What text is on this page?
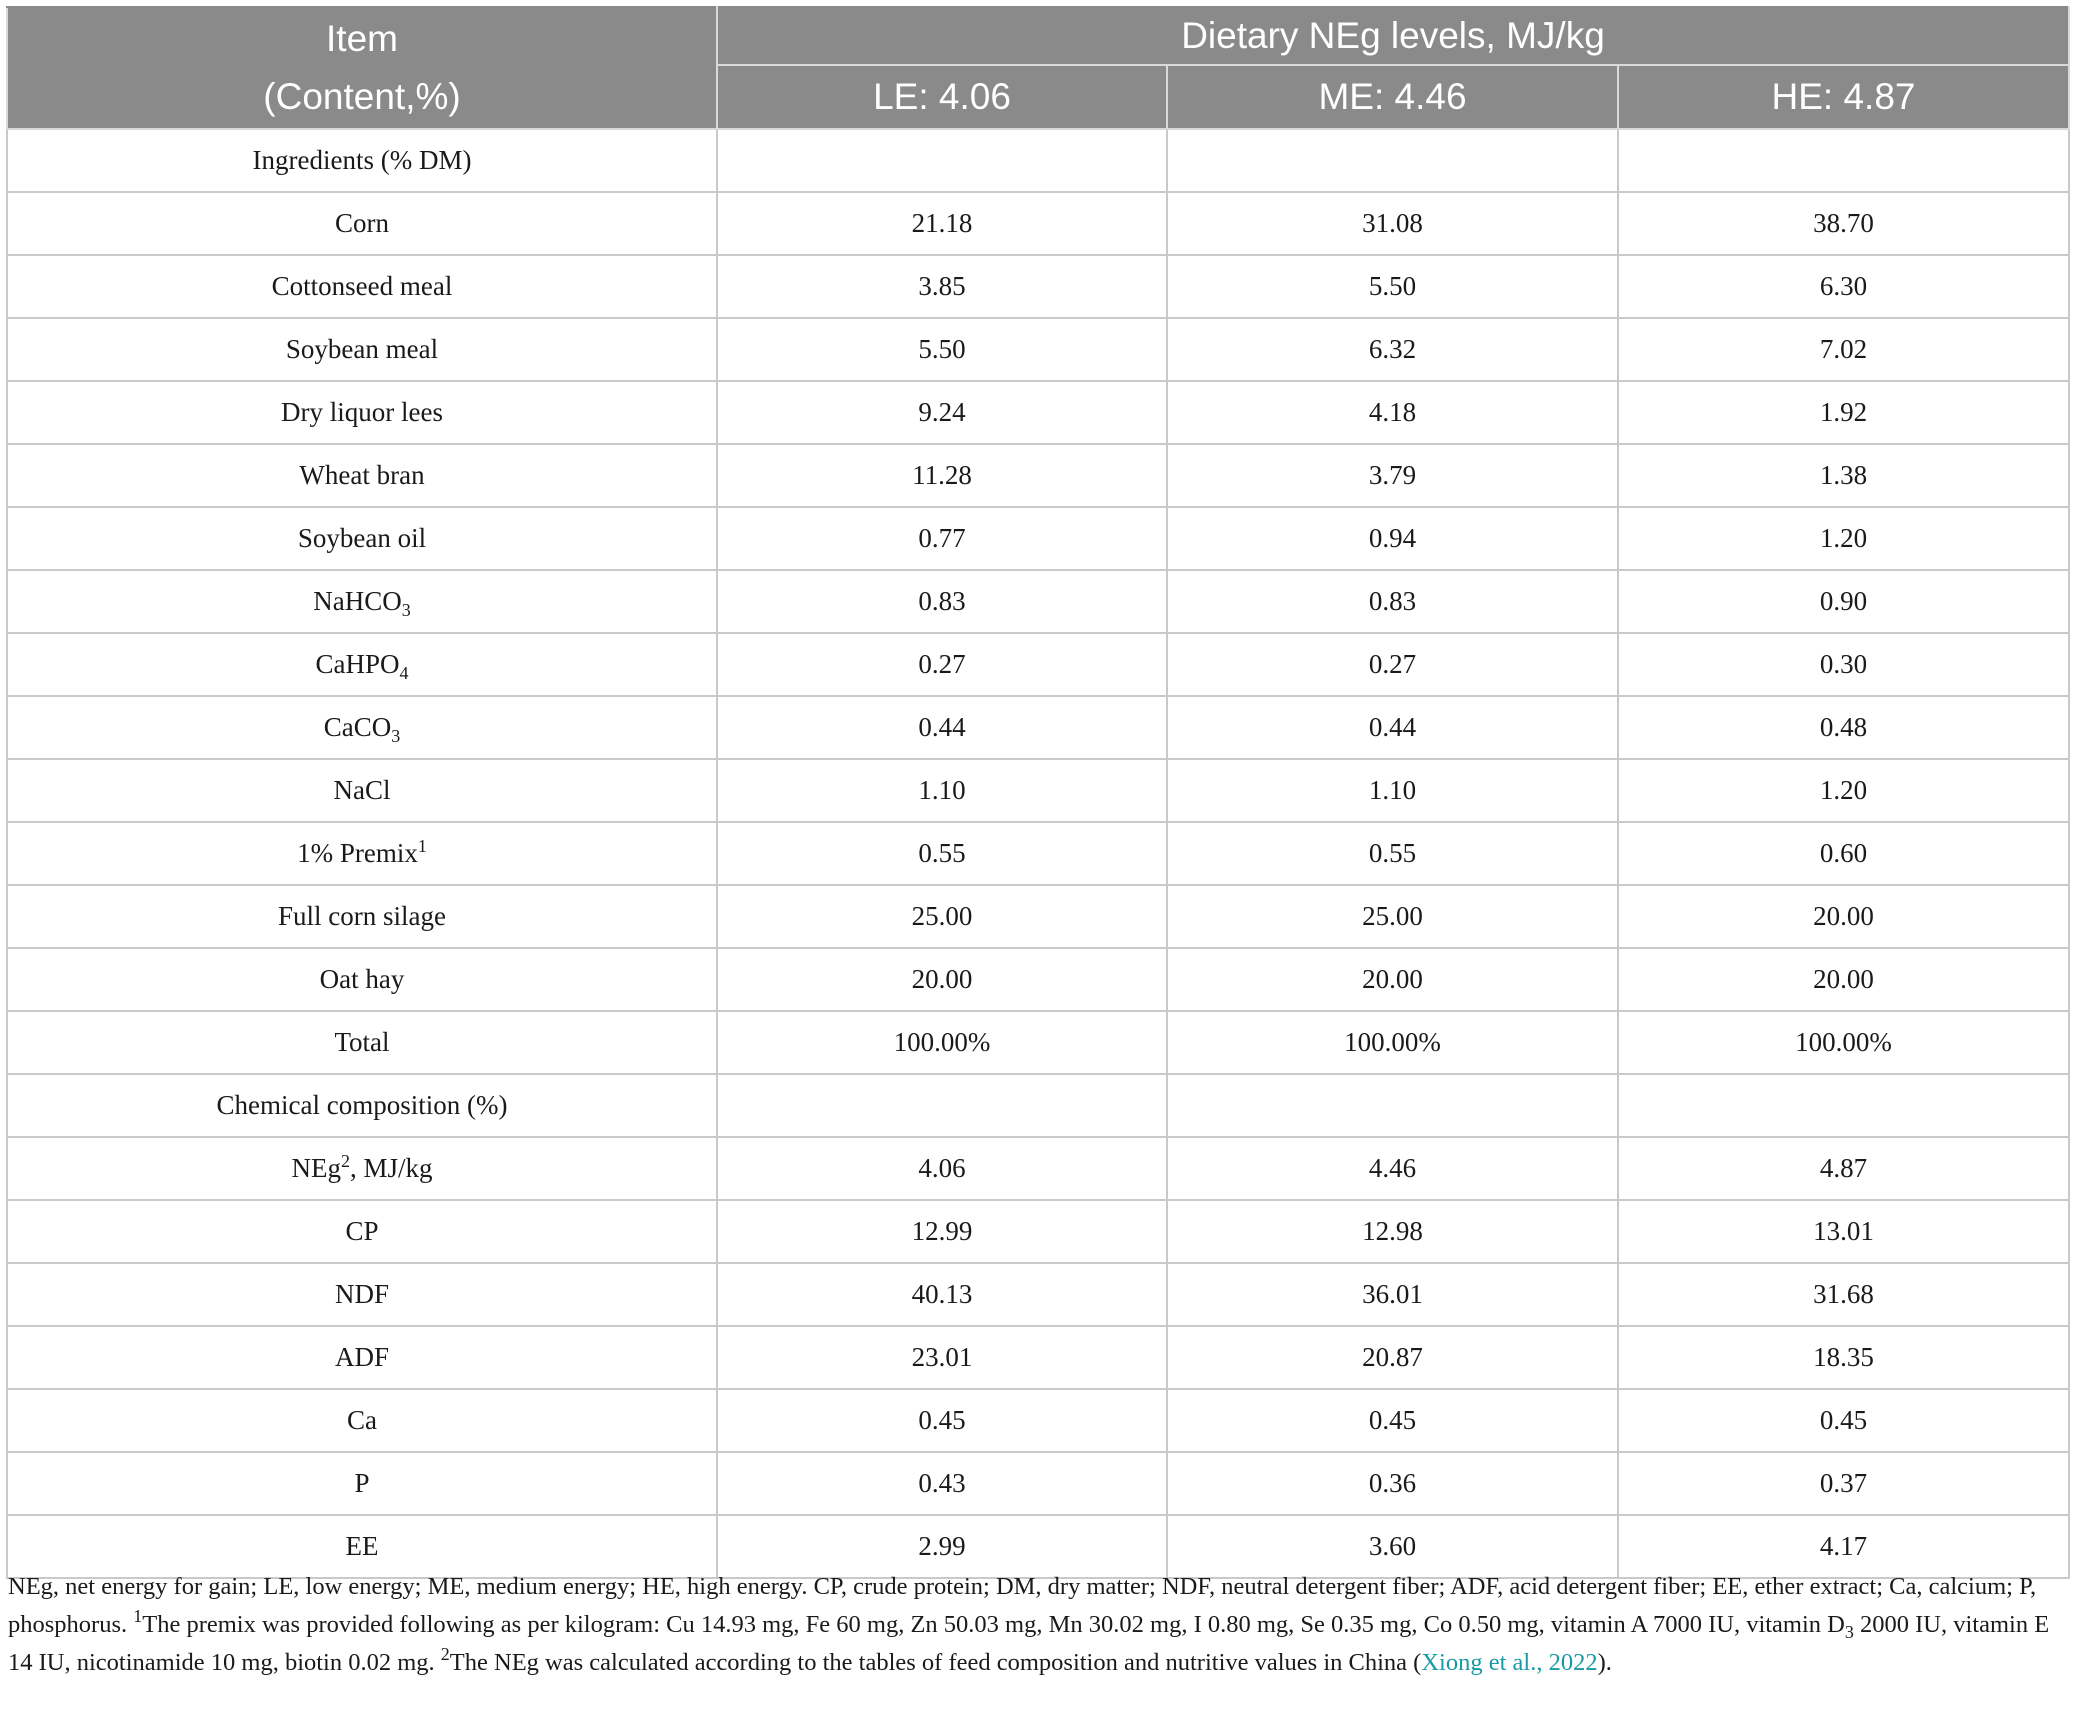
Item
(Content,%)	Dietary NEg levels, MJ/kg		
	LE: 4.06	ME: 4.46	HE: 4.87
Ingredients (% DM)			
Corn	21.18	31.08	38.70
Cottonseed meal	3.85	5.50	6.30
Soybean meal	5.50	6.32	7.02
Dry liquor lees	9.24	4.18	1.92
Wheat bran	11.28	3.79	1.38
Soybean oil	0.77	0.94	1.20
NaHCO$_3$	0.83	0.83	0.90
CaHPO$_4$	0.27	0.27	0.30
CaCO$_3$	0.44	0.44	0.48
NaCl	1.10	1.10	1.20
1% Premix$^1$	0.55	0.55	0.60
Full corn silage	25.00	25.00	20.00
Oat hay	20.00	20.00	20.00
Total	100.00%	100.00%	100.00%
Chemical composition (%)			
NEg$^2$, MJ/kg	4.06	4.46	4.87
CP	12.99	12.98	13.01
NDF	40.13	36.01	31.68
ADF	23.01	20.87	18.35
Ca	0.45	0.45	0.45
P	0.43	0.36	0.37
EE	2.99	3.60	4.17
NEg, net energy for gain; LE, low energy; ME, medium energy; HE, high energy. CP, crude protein; DM, dry matter; NDF, neutral detergent fiber; ADF, acid detergent fiber; EE, ether extract; Ca, calcium; P, phosphorus. $^1$The premix was provided following as per kilogram: Cu 14.93 mg, Fe 60 mg, Zn 50.03 mg, Mn 30.02 mg, I 0.80 mg, Se 0.35 mg, Co 0.50 mg, vitamin A 7000 IU, vitamin $D_3$ 2000 IU, vitamin E 14 IU, nicotinamide 10 mg, biotin 0.02 mg. $^2$The NEg was calculated according to the tables of feed composition and nutritive values in China (Xiong et al., 2022).
